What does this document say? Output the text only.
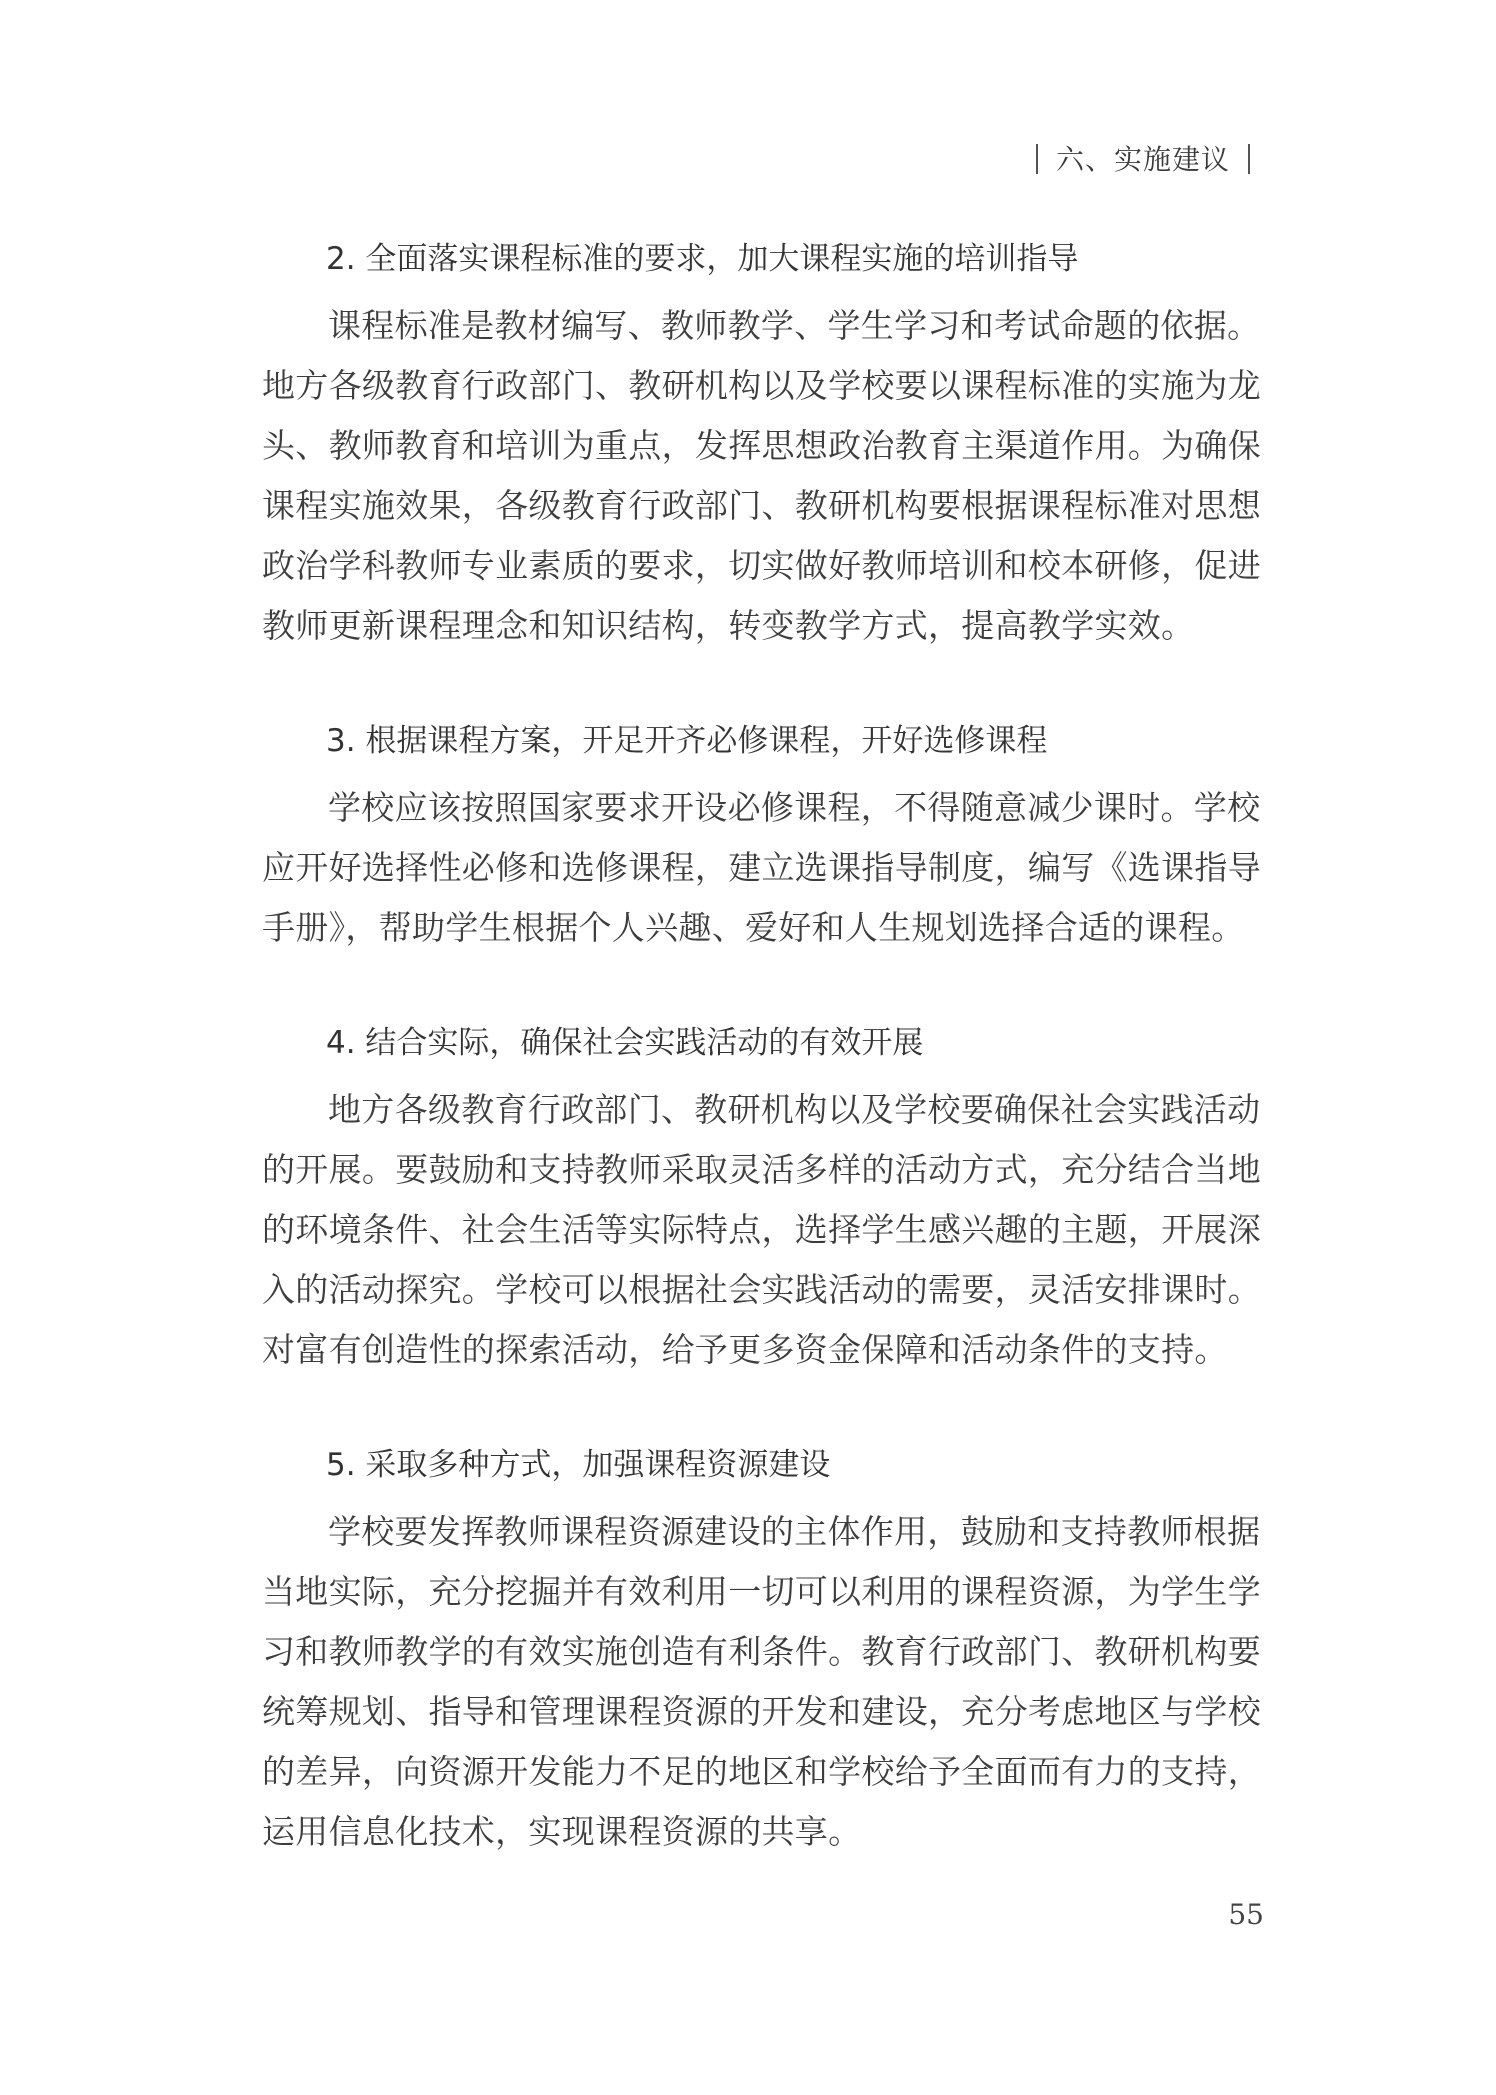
六、实施建议
2. 全面落实课程标准的要求，加大课程实施的培训指导
课程标准是教材编写、教师教学、学生学习和考试命题的依据。
地方各级教育行政部门、教研机构以及学校要以课程标准的实施为龙
头、教师教育和培训为重点，发挥思想政治教育主渠道作用。为确保
课程实施效果，各级教育行政部门、教研机构要根据课程标准对思想
政治学科教师专业素质的要求，切实做好教师培训和校本研修，促进
教师更新课程理念和知识结构，转变教学方式，提高教学实效。
3. 根据课程方案，开足开齐必修课程，开好选修课程
学校应该按照国家要求开设必修课程，不得随意减少课时。学校
应开好选择性必修和选修课程，建立选课指导制度，编写《选课指导
手册》，帮助学生根据个人兴趣、爱好和人生规划选择合适的课程。
4. 结合实际，确保社会实践活动的有效开展
地方各级教育行政部门、教研机构以及学校要确保社会实践活动
的开展。要鼓励和支持教师采取灵活多样的活动方式，充分结合当地
的环境条件、社会生活等实际特点，选择学生感兴趣的主题，开展深
入的活动探究。学校可以根据社会实践活动的需要，灵活安排课时。
对富有创造性的探索活动，给予更多资金保障和活动条件的支持。
5. 采取多种方式，加强课程资源建设
学校要发挥教师课程资源建设的主体作用，鼓励和支持教师根据
当地实际，充分挖掘并有效利用一切可以利用的课程资源，为学生学
习和教师教学的有效实施创造有利条件。教育行政部门、教研机构要
统筹规划、指导和管理课程资源的开发和建设，充分考虑地区与学校
的差异，向资源开发能力不足的地区和学校给予全面而有力的支持，
运用信息化技术，实现课程资源的共享。
55
